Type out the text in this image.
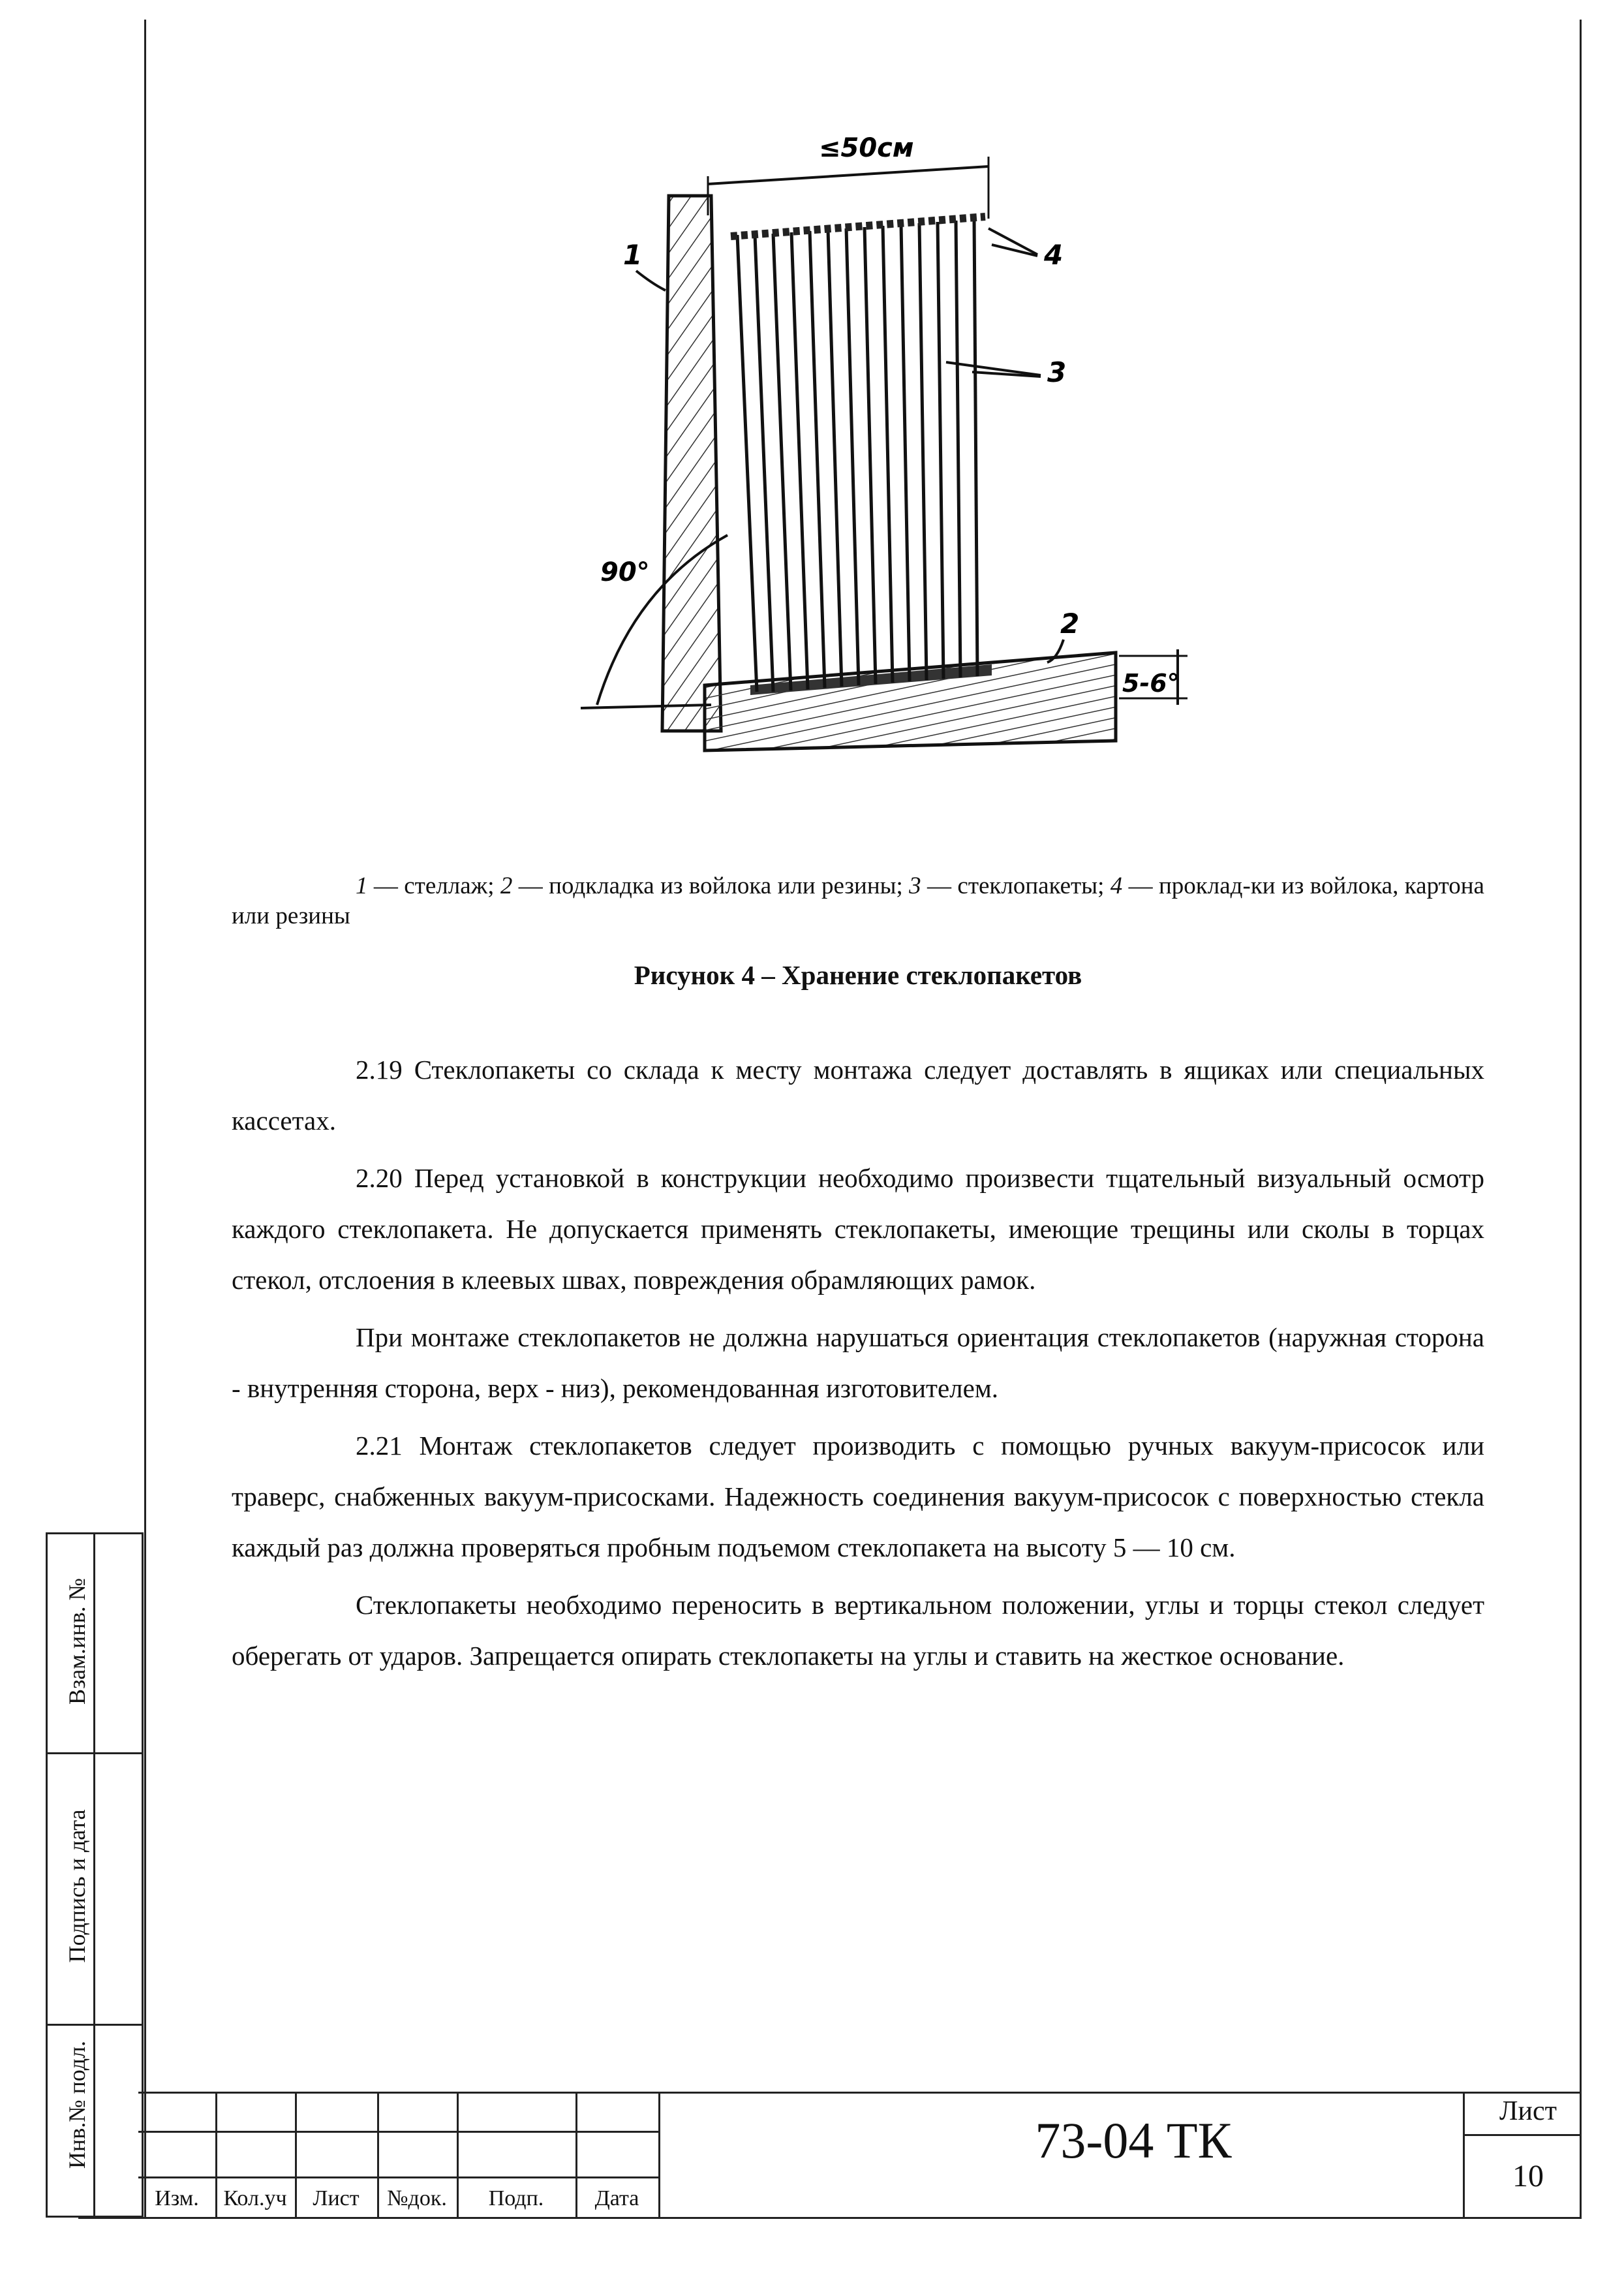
Взам.инв. №
Подпись и дата
Инв.№ подл.
≤50см
1	4
3
2
90°
5-6°
1 — стеллаж; 2 — подкладка из войлока или резины; 3 — стеклопакеты; 4 — проклад-ки из войлока, картона или резины
Рисунок 4 – Хранение стеклопакетов

2.19 Стеклопакеты со склада к месту монтажа следует доставлять в ящиках или специальных кассетах.

2.20 Перед установкой в конструкции необходимо произвести тщательный визуальный осмотр каждого стеклопакета. Не допускается применять стеклопакеты, имеющие трещины или сколы в торцах стекол, отслоения в клеевых швах, повреждения обрамляющих рамок.

При монтаже стеклопакетов не должна нарушаться ориентация стеклопакетов (наружная сторона - внутренняя сторона, верх - низ), рекомендованная изготовителем.

2.21 Монтаж стеклопакетов следует производить с помощью ручных вакуум-присосок или траверс, снабженных вакуум-присосками. Надежность соединения вакуум-присосок с поверхностью стекла каждый раз должна проверяться пробным подъемом стеклопакета на высоту 5 — 10 см.

Стеклопакеты необходимо переносить в вертикальном положении, углы и торцы стекол следует оберегать от ударов. Запрещается опирать стеклопакеты на углы и ставить на жесткое основание.

Изм.	Кол.уч	Лист	№док.	Подп.	Дата
73-04 ТК
Лист
10
